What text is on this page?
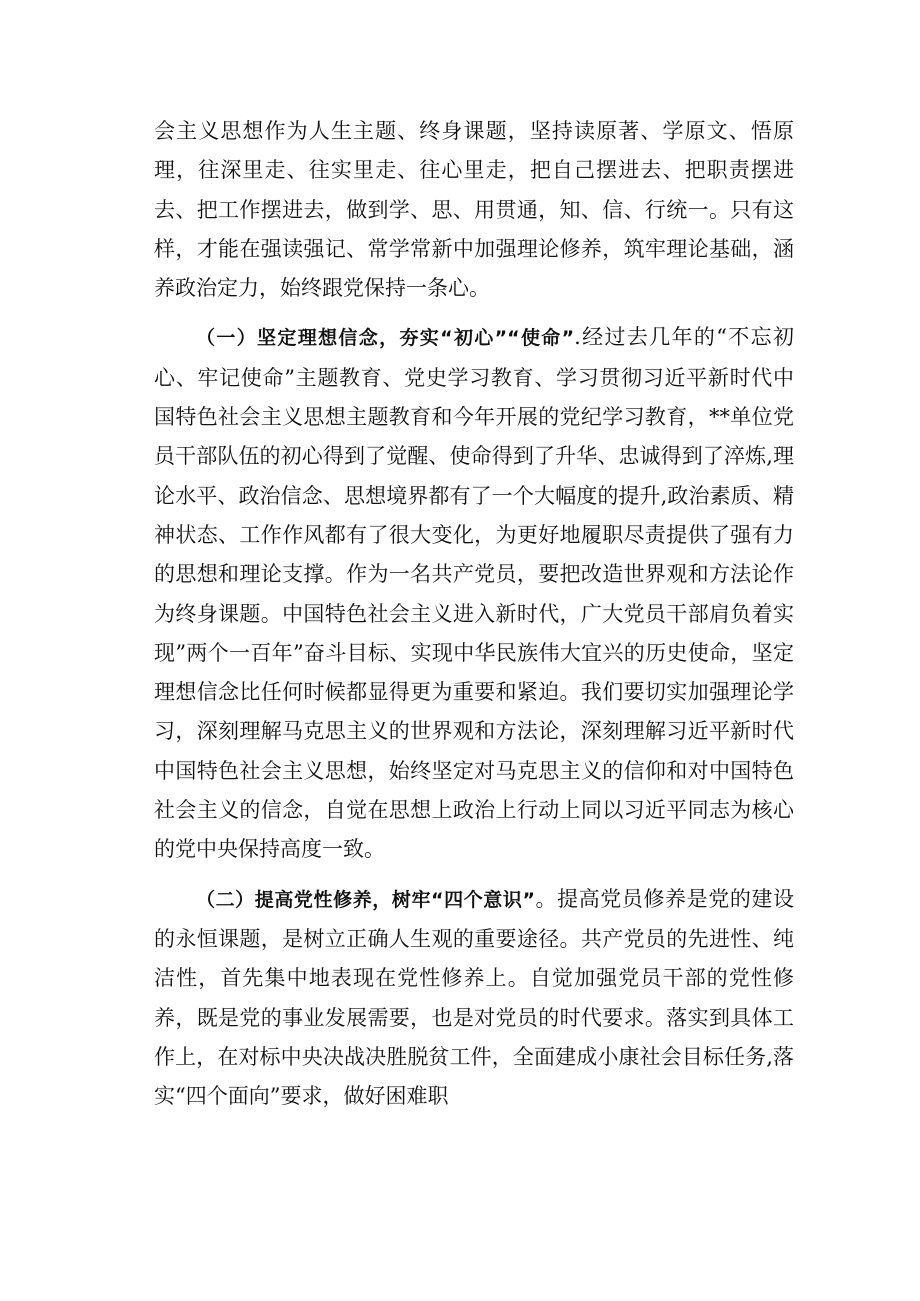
会主义思想作为人生主题、终身课题，坚持读原著、学原文、悟原理，往深里走、往实里走、往心里走，把自己摆进去、把职责摆进去、把工作摆进去，做到学、思、用贯通，知、信、行统一。只有这样，才能在强读强记、常学常新中加强理论修养，筑牢理论基础，涵养政治定力，始终跟党保持一条心。

（一）坚定理想信念，夯实“初心”“使命”.经过去几年的“不忘初心、牢记使命”主题教育、党史学习教育、学习贯彻习近平新时代中国特色社会主义思想主题教育和今年开展的党纪学习教育，**单位党员干部队伍的初心得到了觉醒、使命得到了升华、忠诚得到了淬炼,理论水平、政治信念、思想境界都有了一个大幅度的提升,政治素质、精神状态、工作作风都有了很大变化，为更好地履职尽责提供了强有力的思想和理论支撑。作为一名共产党员，要把改造世界观和方法论作为终身课题。中国特色社会主义进入新时代，广大党员干部肩负着实现”两个一百年”奋斗目标、实现中华民族伟大宜兴的历史使命，坚定理想信念比任何时候都显得更为重要和紧迫。我们要切实加强理论学习，深刻理解马克思主义的世界观和方法论，深刻理解习近平新时代中国特色社会主义思想，始终坚定对马克思主义的信仰和对中国特色社会主义的信念，自觉在思想上政治上行动上同以习近平同志为核心的党中央保持高度一致。

（二）提高党性修养，树牢“四个意识”。提高党员修养是党的建设的永恒课题，是树立正确人生观的重要途径。共产党员的先进性、纯洁性，首先集中地表现在党性修养上。自觉加强党员干部的党性修养，既是党的事业发展需要，也是对党员的时代要求。落实到具体工作上，在对标中央决战决胜脱贫工件，全面建成小康社会目标任务,落实“四个面向”要求，做好困难职
